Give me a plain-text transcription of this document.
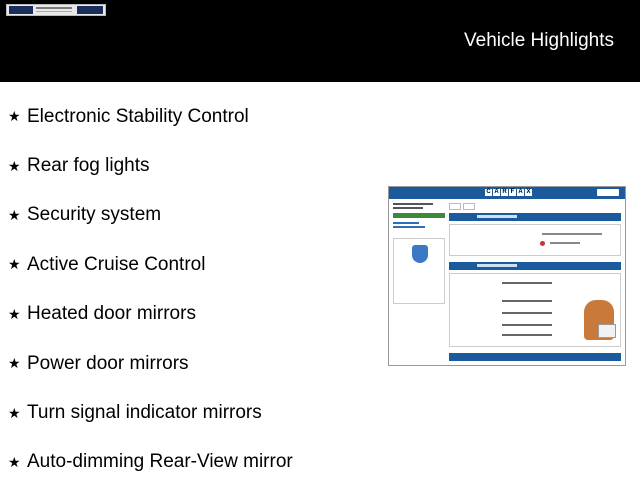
Vehicle Highlights
★ Electronic Stability Control
★ Rear fog lights
★ Security system
★ Active Cruise Control
★ Heated door mirrors
★ Power door mirrors
★ Turn signal indicator mirrors
★ Auto-dimming Rear-View mirror
C A R F A X
